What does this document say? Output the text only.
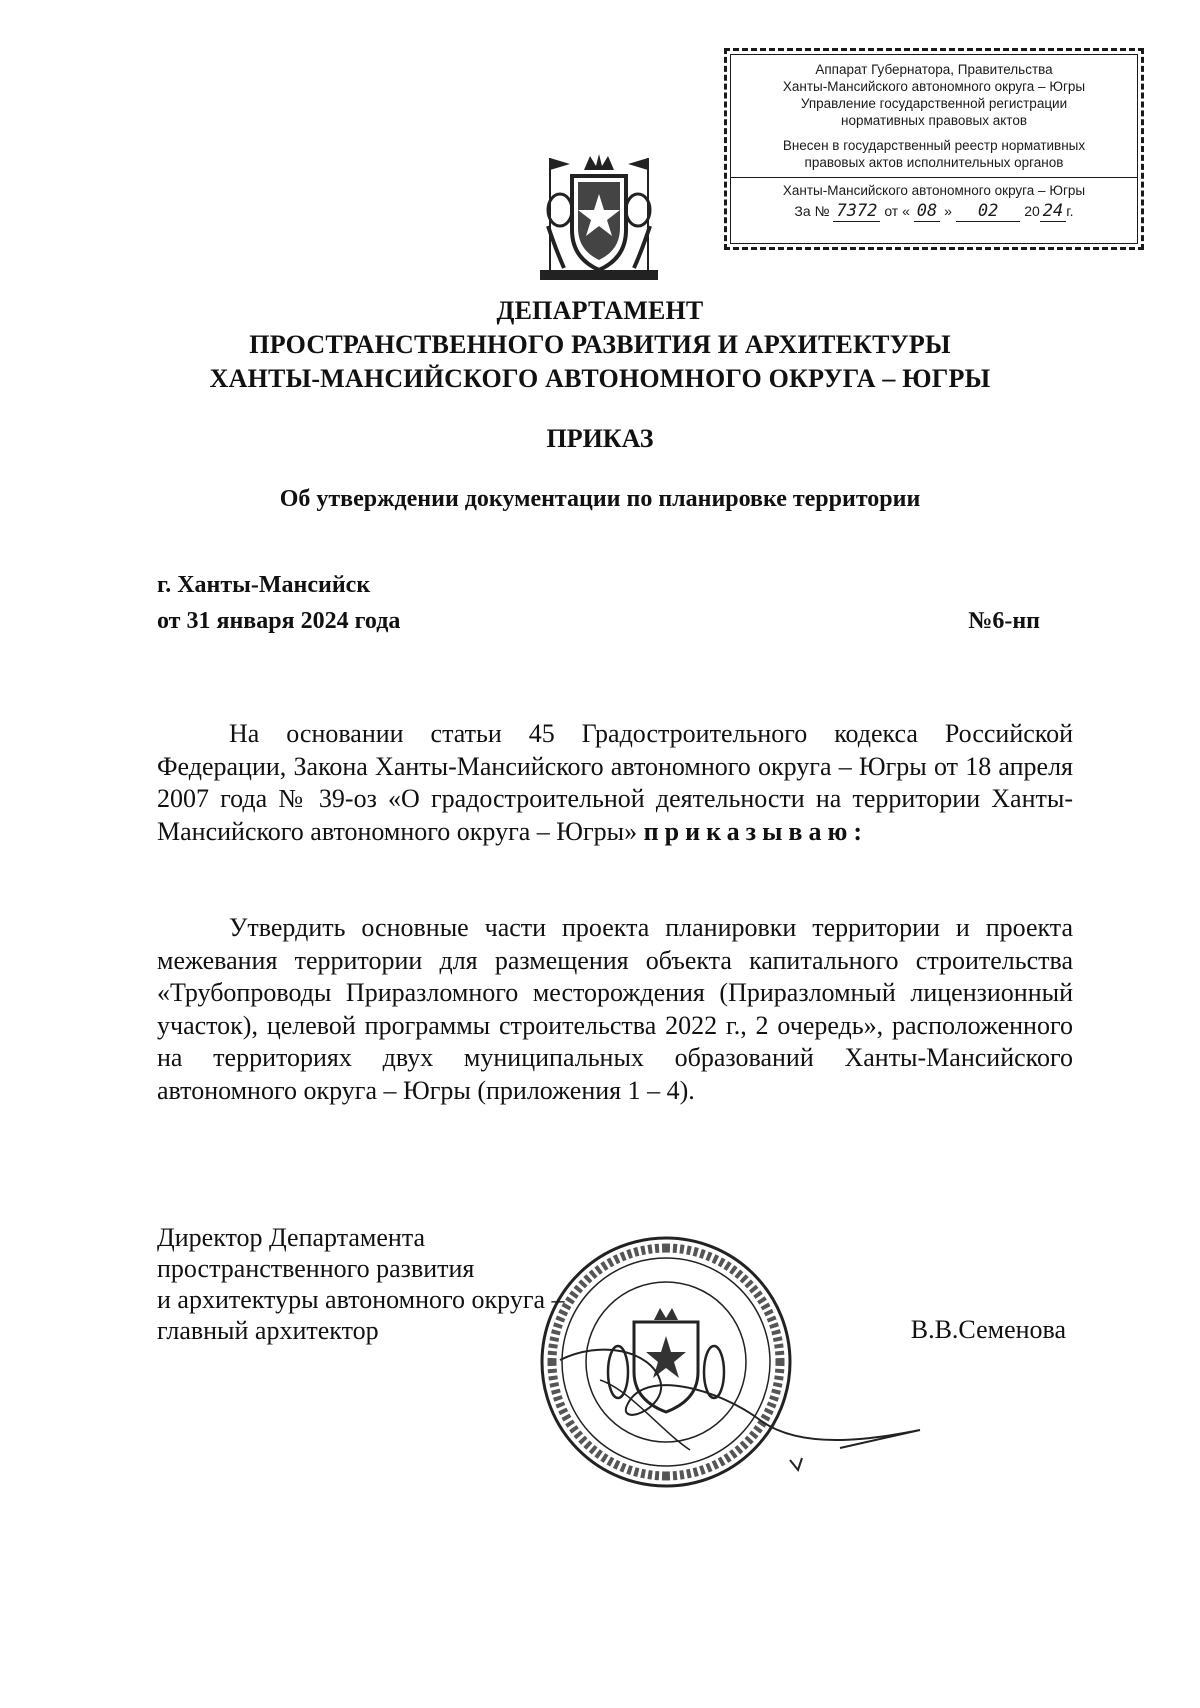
Аппарат Губернатора, Правительства
Ханты-Мансийского автономного округа – Югры
Управление государственной регистрации
нормативных правовых актов
Внесен в государственный реестр нормативных
правовых актов исполнительных органов
Ханты-Мансийского автономного округа – Югры
За № 7372 от « 08 » 02 20 24 г.
ДЕПАРТАМЕНТ
ПРОСТРАНСТВЕННОГО РАЗВИТИЯ И АРХИТЕКТУРЫ
ХАНТЫ-МАНСИЙСКОГО АВТОНОМНОГО ОКРУГА – ЮГРЫ
ПРИКАЗ
Об утверждении документации по планировке территории
г. Ханты-Мансийск
от 31 января 2024 года	№6-нп
На основании статьи 45 Градостроительного кодекса Российской Федерации, Закона Ханты-Мансийского автономного округа – Югры от 18 апреля 2007 года № 39-оз «О градостроительной деятельности на территории Ханты-Мансийского автономного округа – Югры» приказываю:
Утвердить основные части проекта планировки территории и проекта межевания территории для размещения объекта капитального строительства «Трубопроводы Приразломного месторождения (Приразломный лицензионный участок), целевой программы строительства 2022 г., 2 очередь», расположенного на территориях двух муниципальных образований Ханты-Мансийского автономного округа – Югры (приложения 1 – 4).
Директор Департамента
пространственного развития
и архитектуры автономного округа –
главный архитектор	В.В.Семенова
